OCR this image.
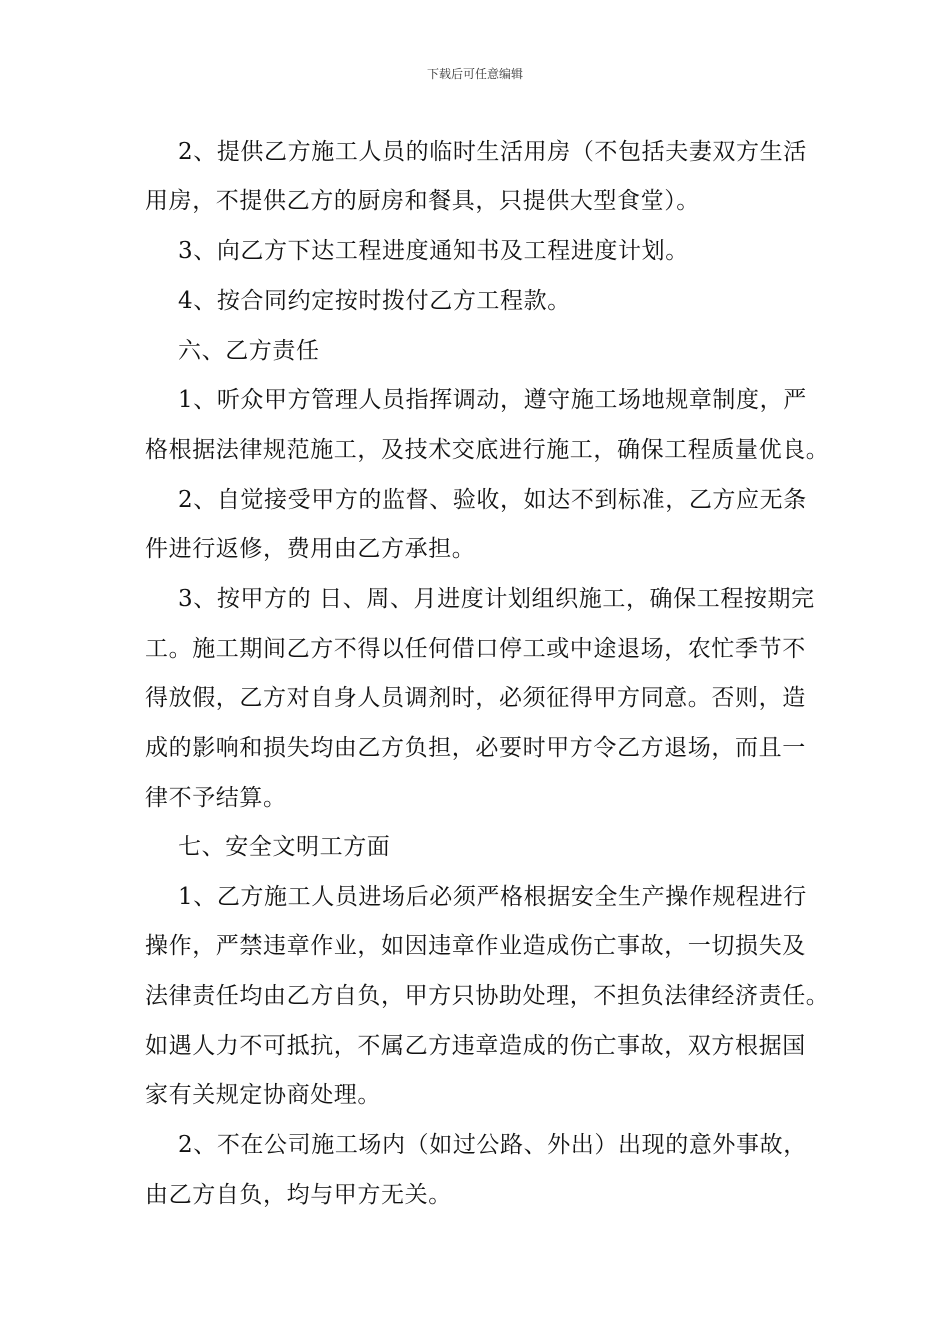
下载后可任意编辑
2、提供乙方施工人员的临时生活用房（不包括夫妻双方生活
用房，不提供乙方的厨房和餐具，只提供大型食堂）。
3、向乙方下达工程进度通知书及工程进度计划。
4、按合同约定按时拨付乙方工程款。
六、乙方责任
1、听众甲方管理人员指挥调动，遵守施工场地规章制度，严
格根据法律规范施工，及技术交底进行施工，确保工程质量优良。
2、自觉接受甲方的监督、验收，如达不到标准，乙方应无条
件进行返修，费用由乙方承担。
3、按甲方的 日、周、月进度计划组织施工，确保工程按期完
工。施工期间乙方不得以任何借口停工或中途退场，农忙季节不
得放假，乙方对自身人员调剂时，必须征得甲方同意。否则，造
成的影响和损失均由乙方负担，必要时甲方令乙方退场，而且一
律不予结算。
七、安全文明工方面
1、乙方施工人员进场后必须严格根据安全生产操作规程进行
操作，严禁违章作业，如因违章作业造成伤亡事故，一切损失及
法律责任均由乙方自负，甲方只协助处理，不担负法律经济责任。
如遇人力不可抵抗，不属乙方违章造成的伤亡事故，双方根据国
家有关规定协商处理。
2、不在公司施工场内（如过公路、外出）出现的意外事故，
由乙方自负，均与甲方无关。
